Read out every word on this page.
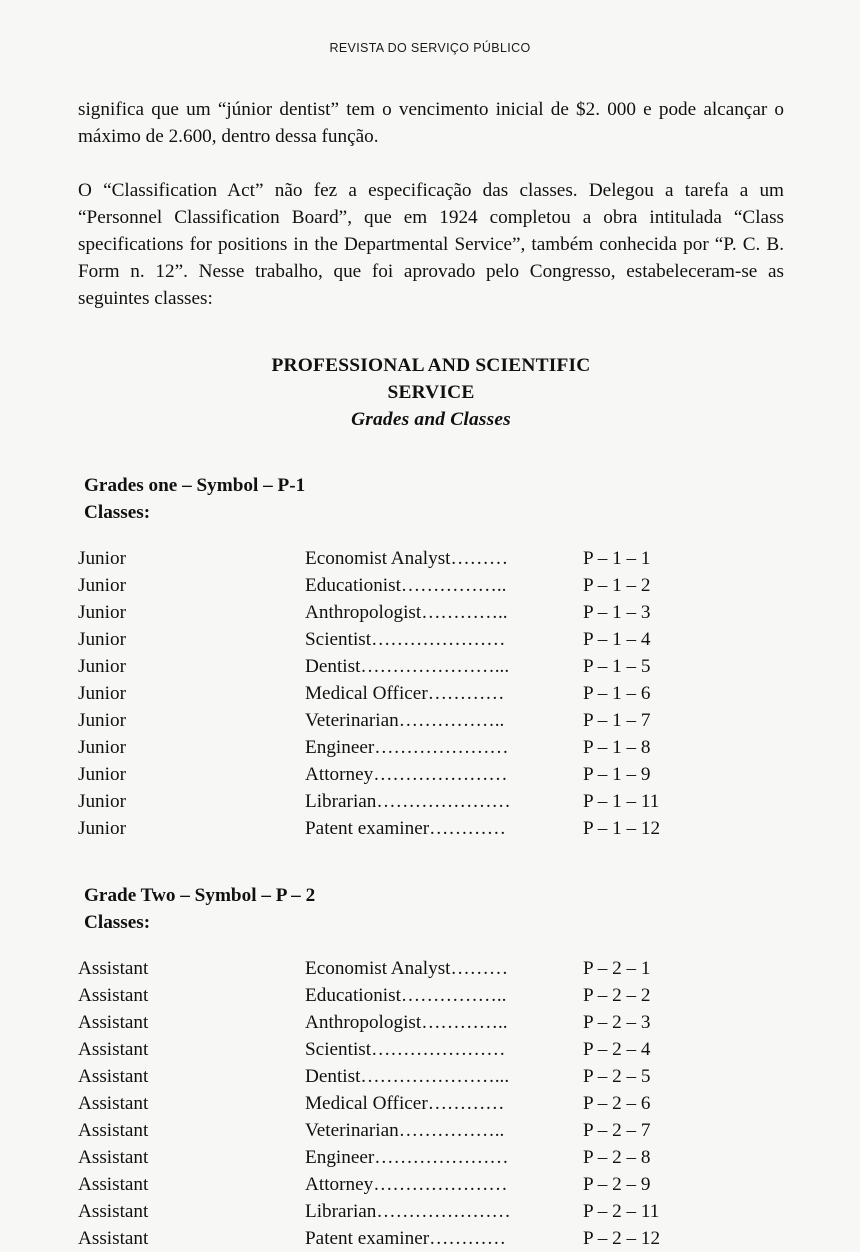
REVISTA DO SERVIÇO PÚBLICO

significa que um “júnior dentist” tem o vencimento inicial de $2. 000 e pode alcançar o máximo de 2.600, dentro dessa função.

O “Classification Act” não fez a especificação das classes. Delegou a tarefa a um “Personnel Classification Board”, que em 1924 completou a obra intitulada “Class specifications for positions in the Departmental Service”, também conhecida por “P. C. B. Form n. 12”. Nesse trabalho, que foi aprovado pelo Congresso, estabeleceram-se as seguintes classes:

PROFESSIONAL AND SCIENTIFIC
SERVICE
Grades and Classes
Grades one – Symbol – P-1
Classes:
Junior	Economist Analyst………	P – 1 – 1
Junior	Educationist……………..	P – 1 – 2
Junior	Anthropologist…………..	P – 1 – 3
Junior	Scientist…………………	P – 1 – 4
Junior	Dentist…………………...	P – 1 – 5
Junior	Medical Officer…………	P – 1 – 6
Junior	Veterinarian……………..	P – 1 – 7
Junior	Engineer…………………	P – 1 – 8
Junior	Attorney…………………	P – 1 – 9
Junior	Librarian…………………	P – 1 – 11
Junior	Patent examiner…………	P – 1 – 12
Grade Two – Symbol – P – 2
Classes:
Assistant	Economist Analyst………	P – 2 – 1
Assistant	Educationist……………..	P – 2 – 2
Assistant	Anthropologist…………..	P – 2 – 3
Assistant	Scientist…………………	P – 2 – 4
Assistant	Dentist…………………...	P – 2 – 5
Assistant	Medical Officer…………	P – 2 – 6
Assistant	Veterinarian……………..	P – 2 – 7
Assistant	Engineer…………………	P – 2 – 8
Assistant	Attorney…………………	P – 2 – 9
Assistant	Librarian…………………	P – 2 – 11
Assistant	Patent examiner…………	P – 2 – 12
